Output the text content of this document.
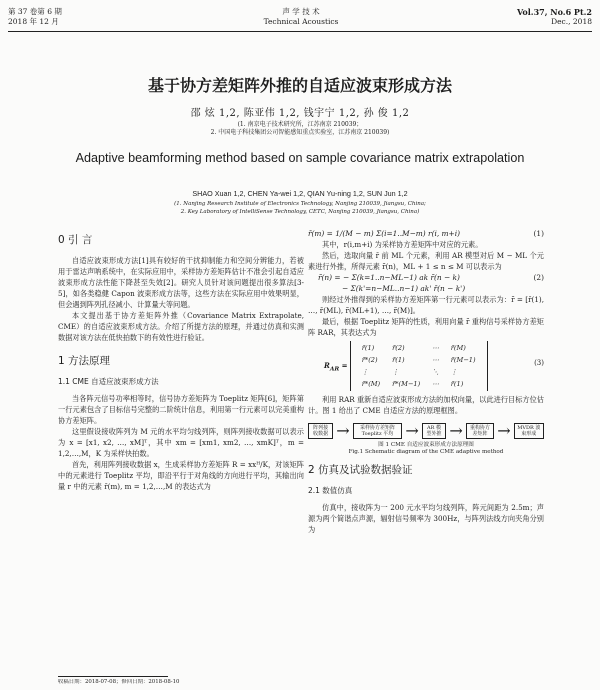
第 37 卷第 6 期
2018 年 12 月
声 学 技 术
Technical Acoustics
Vol.37, No.6 Pt.2
Dec., 2018
基于协方差矩阵外推的自适应波束形成方法
邵 炫 1,2, 陈亚伟 1,2, 钱宇宁 1,2, 孙 俊 1,2
(1. 南京电子技术研究所，江苏南京 210039；
2. 中国电子科技集团公司智能感知重点实验室，江苏南京 210039)
Adaptive beamforming method based on sample covariance matrix extrapolation
SHAO Xuan 1,2, CHEN Ya-wei 1,2, QIAN Yu-ning 1,2, SUN Jun 1,2
(1. Nanjing Research Institute of Electronics Technology, Nanjing 210039, Jiangsu, China;
2. Key Laboratory of IntelliSense Technology, CETC, Nanjing 210039, Jiangsu, China)
0 引 言

自适应波束形成方法[1]具有较好的干扰抑制能力和空间分辨能力，若被用于雷达声呐系统中，在实际应用中，采样协方差矩阵估计不准会引起自适应波束形成方法性能下降甚至失效[2]。研究人员针对该问题提出很多算法[3-5]，如各类稳健 Capon 波束形成方法等，这些方法在实际应用中效果明显，但会遇到阵列孔径减小、计算量大等问题。

本文提出基于协方差矩阵外推（Covariance Matrix Extrapolate, CME）的自适应波束形成方法。介绍了所提方法的原理，并通过仿真和实测数据对该方法在低快拍数下的有效性进行验证。

1 方法原理
1.1 CME 自适应波束形成方法

当各阵元信号功率相等时，信号协方差矩阵为 Toeplitz 矩阵[6]，矩阵第一行元素包含了目标信号完整的二阶统计信息，利用第一行元素可以完美重构协方差矩阵。

这里假设接收阵列为 M 元的水平均匀线列阵，则阵列接收数据可以表示为 x = [x1, x2, …, xM]ᵀ，其中 xm = [xm1, xm2, …, xmK]ᵀ，m = 1,2,…,M，K 为采样快拍数。

首先，利用阵列接收数据 x，生成采样协方差矩阵 R = xxᴴ/K，对该矩阵中的元素进行 Toeplitz 平均，即沿平行于对角线的方向进行平均，其输出向量 r 中的元素 r̄(m), m = 1,2,…,M 的表达式为

r̄(m) = 1/(M − m) Σ(i=1..M−m) r(i, m+i)	(1)

其中，r(i,m+i) 为采样协方差矩阵中对应的元素。

然后，选取向量 r̄ 前 ML 个元素，利用 AR 模型对后 M − ML 个元素进行外推，所得元素 r̃(n)，ML + 1 ≤ n ≤ M 可以表示为

r̃(n) = − Σ(k=1..n−ML−1) ak r̃(n − k)	(2)
− Σ(k'=n−ML..n−1) ak' r̄(n − k')

则经过外推得到的采样协方差矩阵第一行元素可以表示为：r̃ = [r̄(1), …, r̄(ML), r̃(ML+1), …, r̃(M)]。

最后，根据 Toeplitz 矩阵的性质，利用向量 r̃ 重构信号采样协方差矩阵 RAR，其表达式为

$R_{AR}$ = r̃(1)	r̃(2)	⋯	r̃(M)
r̃*(2)	r̃(1)	⋯	r̃(M−1)
⋮	⋮	⋱	⋮
r̃*(M)	r̃*(M−1)	⋯	r̃(1)
(3)

利用 RAR 重新自适应波束形成方法的加权向量，以此进行目标方位估计。图 1 给出了 CME 自适应方法的原理框图。

阵列接收数据 →	采样协方差矩阵 Toeplitz 平均 →	AR 模型外推 →	重构协方差矩阵 →	MVDR 波束形成
图 1 CME 自适应波束形成方法原理图
Fig.1 Schematic diagram of the CME adaptive method
2 仿真及试验数据验证
2.1 数值仿真

仿真中，接收阵为一 200 元水平均匀线列阵，阵元间距为 2.5m；声源为两个简谐点声源，辐射信号频率为 300Hz，与阵列法线方向夹角分别为

收稿日期：2018-07-08；修回日期：2018-08-10
